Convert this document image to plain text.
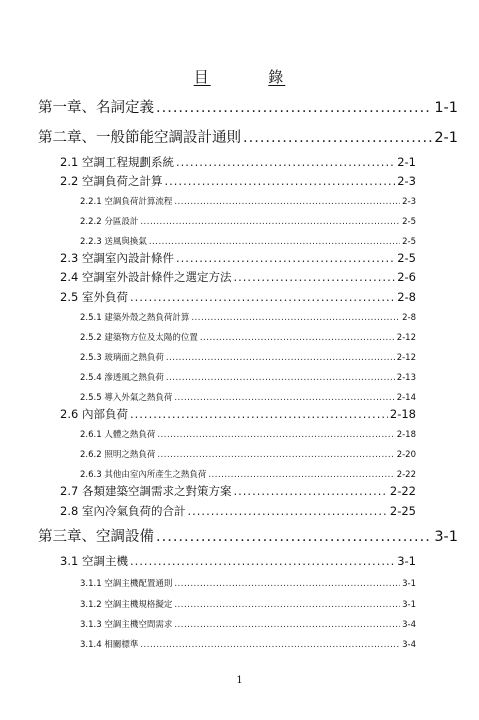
目	錄
第一章、名詞定義 .....	1-1
第二章、一般節能空調設計通則 .....	2-1
2.1 空調工程規劃系統 .....	2-1
2.2 空調負荷之計算 .....	2-3
2.2.1 空調負荷計算流程 .....	2-3
2.2.2 分區設計 .....	2-5
2.2.3 送風與換氣 .....	2-5
2.3 空調室內設計條件 .....	2-5
2.4 空調室外設計條件之選定方法 .....	2-6
2.5 室外負荷 .....	2-8
2.5.1 建築外殼之熱負荷計算 .....	2-8
2.5.2 建築物方位及太陽的位置 .....	2-12
2.5.3 玻璃面之熱負荷 .....	2-12
2.5.4 滲透風之熱負荷 .....	2-13
2.5.5 導入外氣之熱負荷 .....	2-14
2.6 內部負荷 .....	2-18
2.6.1 人體之熱負荷 .....	2-18
2.6.2 照明之熱負荷 .....	2-20
2.6.3 其他由室內所產生之熱負荷 .....	2-22
2.7 各類建築空調需求之對策方案 .....	2-22
2.8 室內冷氣負荷的合計 .....	2-25
第三章、空調設備 .....	3-1
3.1 空調主機 .....	3-1
3.1.1 空調主機配置通則 .....	3-1
3.1.2 空調主機規格擬定 .....	3-1
3.1.3 空調主機空間需求 .....	3-4
3.1.4 相關標準 .....	3-4
1
